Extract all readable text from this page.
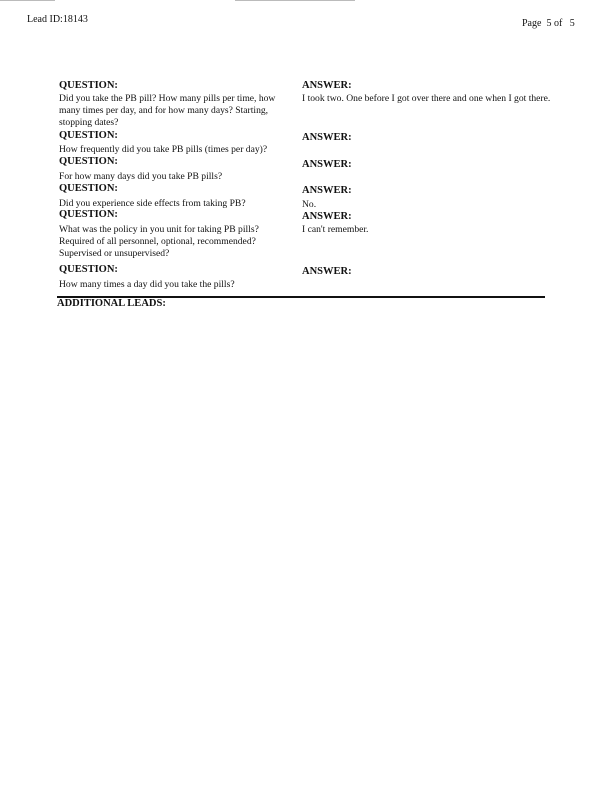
Lead ID:18143	Page  5 of   5
QUESTION:	ANSWER:
Did you take the PB pill? How many pills per time, how many times per day, and for how many days? Starting, stopping dates?
I took two. One before I got over there and one when I got there.
QUESTION:	ANSWER:
How frequently did you take PB pills (times per day)?
QUESTION:	ANSWER:
For how many days did you take PB pills?
QUESTION:	ANSWER:
Did you experience side effects from taking PB?	No.
QUESTION:	ANSWER:
What was the policy in you unit for taking PB pills? Required of all personnel, optional, recommended? Supervised or unsupervised?
I can't remember.
QUESTION:	ANSWER:
How many times a day did you take the pills?
ADDITIONAL LEADS:
